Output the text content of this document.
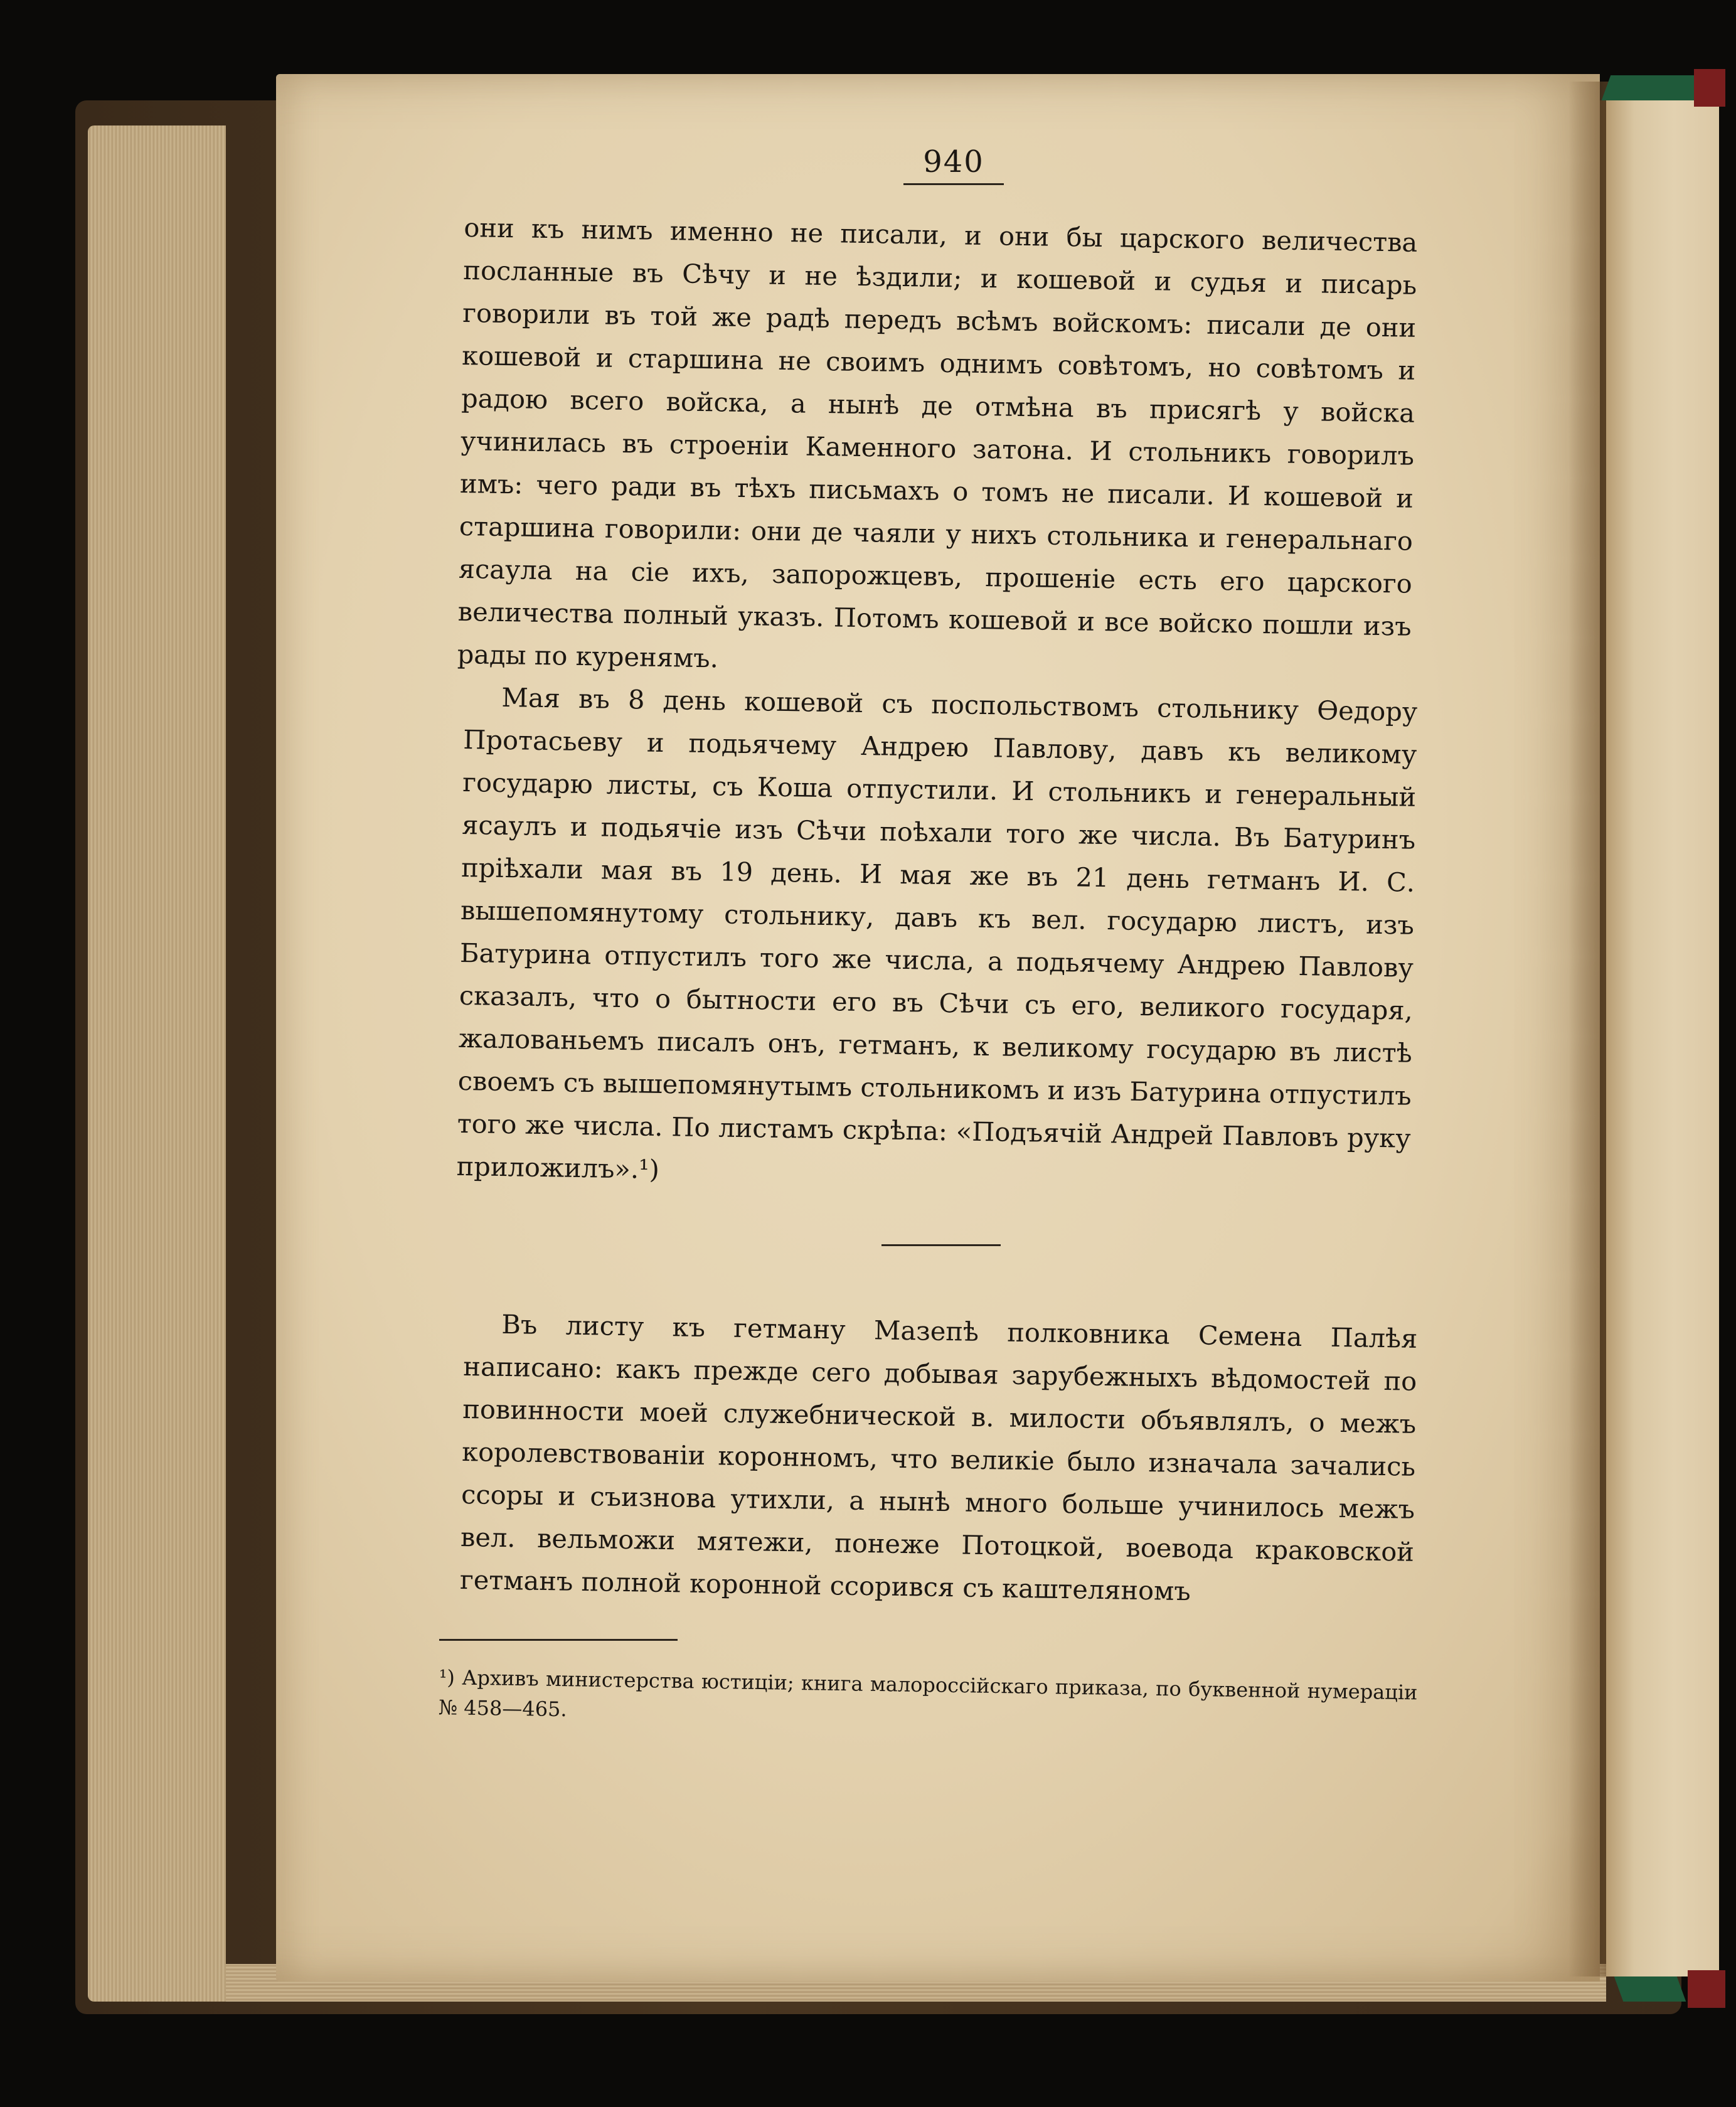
940

они къ нимъ именно не писали, и они бы царского величества посланные въ Сѣчу и не ѣздили; и кошевой и судья и писарь говорили въ той же радѣ передъ всѣмъ войскомъ: писали де они кошевой и старшина не своимъ однимъ совѣтомъ, но совѣтомъ и радою всего войска, а нынѣ де отмѣна въ присягѣ у войска учинилась въ строеніи Каменного затона. И стольникъ говорилъ имъ: чего ради въ тѣхъ письмахъ о томъ не писали. И кошевой и старшина говорили: они де чаяли у нихъ стольника и генеральнаго ясаула на сіе ихъ, запорожцевъ, прошеніе есть его царского величества полный указъ. Потомъ кошевой и все войско пошли изъ рады по куренямъ.

Мая въ 8 день кошевой съ поспольствомъ стольнику Ѳедору Протасьеву и подьячему Андрею Павлову, давъ къ великому государю листы, съ Коша отпустили. И стольникъ и генеральный ясаулъ и подьячіе изъ Сѣчи поѣхали того же числа. Въ Батуринъ пріѣхали мая въ 19 день. И мая же въ 21 день гетманъ И. С. вышепомянутому стольнику, давъ къ вел. государю листъ, изъ Батурина отпустилъ того же числа, а подьячему Андрею Павлову сказалъ, что о бытности его въ Сѣчи съ его, великого государя, жалованьемъ писалъ онъ, гетманъ, к великому государю въ листѣ своемъ съ вышепомянутымъ стольникомъ и изъ Батурина отпустилъ того же числа. По листамъ скрѣпа: «Подъячій Андрей Павловъ руку приложилъ».¹)

Въ листу къ гетману Мазепѣ полковника Семена Палѣя написано: какъ прежде сего добывая зарубежныхъ вѣдомостей по повинности моей служебнической в. милости объявлялъ, о межъ королевствованіи коронномъ, что великіе было изначала зачались ссоры и съизнова утихли, а нынѣ много больше учинилось межъ вел. вельможи мятежи, понеже Потоцкой, воевода краковской гетманъ полной коронной ссорився съ каштеляномъ

¹) Архивъ министерства юстиціи; книга малороссійскаго приказа, по буквенной нумераціи № 458—465.
